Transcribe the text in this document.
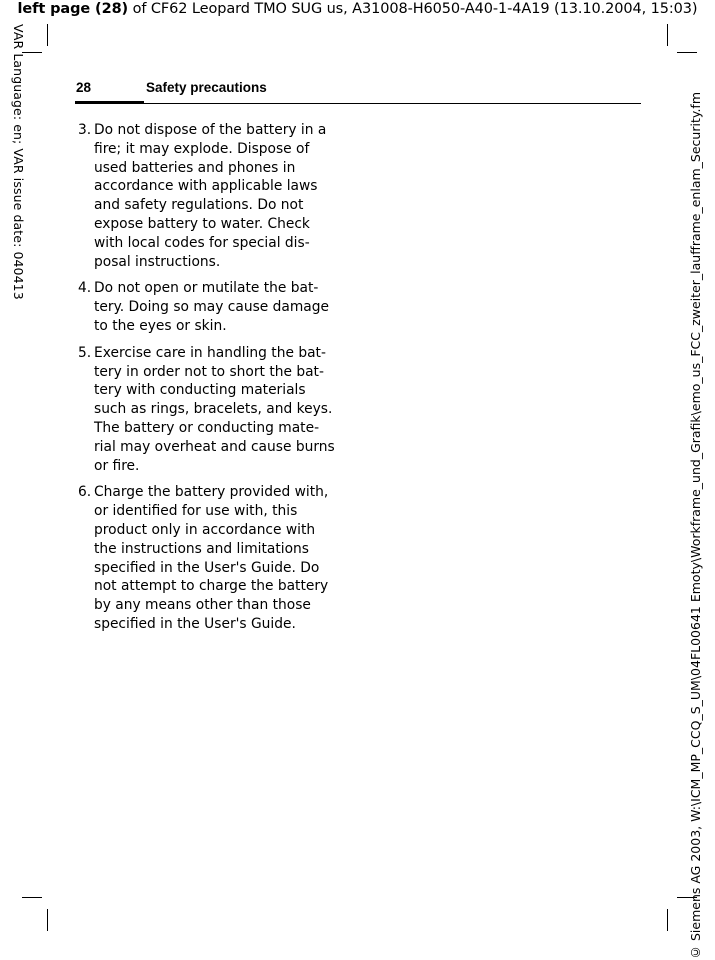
left page (28) of CF62 Leopard TMO SUG us, A31008-H6050-A40-1-4A19 (13.10.2004, 15:03)
VAR Language: en; VAR issue date: 040413	© Siemens AG 2003, W:\ICM_MP_CCQ_S_UM\04FL00641 Emoty\Workframe_und_Grafik\emo_us_FCC_zweiter_laufframe_enlam_Security.fm
28	Safety precautions
3. Do not dispose of the battery in a
fire; it may explode. Dispose of
used batteries and phones in
accordance with applicable laws
and safety regulations. Do not
expose battery to water. Check
with local codes for special dis-
posal instructions.
4. Do not open or mutilate the bat-
tery. Doing so may cause damage
to the eyes or skin.
5. Exercise care in handling the bat-
tery in order not to short the bat-
tery with conducting materials
such as rings, bracelets, and keys.
The battery or conducting mate-
rial may overheat and cause burns
or fire.
6. Charge the battery provided with,
or identified for use with, this
product only in accordance with
the instructions and limitations
specified in the User's Guide. Do
not attempt to charge the battery
by any means other than those
specified in the User's Guide.
